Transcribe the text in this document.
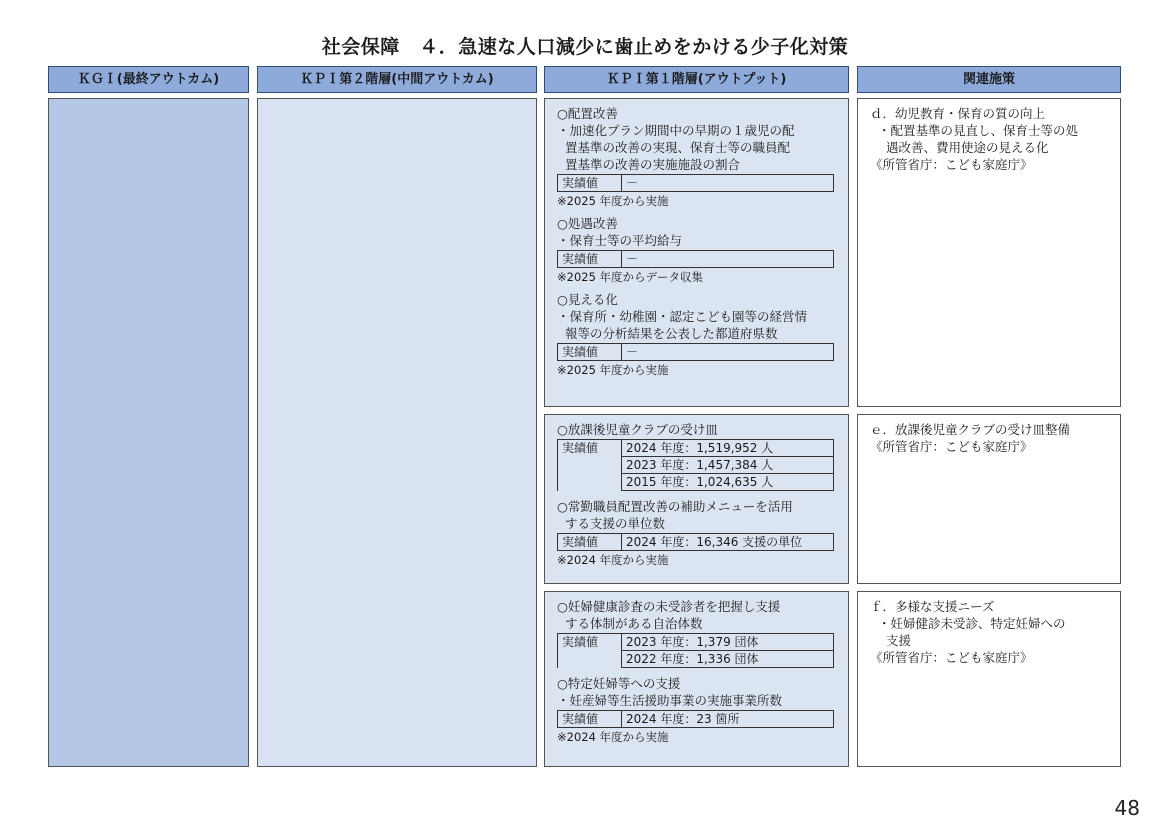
社会保障　４．急速な人口減少に歯止めをかける少子化対策
ＫＧＩ(最終アウトカム)	ＫＰＩ第２階層(中間アウトカム)	ＫＰＩ第１階層(アウトプット)	関連施策
○配置改善
・加速化プラン期間中の早期の１歳児の配
置基準の改善の実現、保育士等の職員配
置基準の改善の実施施設の割合
実績値	－
※2025 年度から実施
○処遇改善
・保育士等の平均給与
実績値	－
※2025 年度からデータ収集
○見える化
・保育所・幼稚園・認定こども園等の経営情
報等の分析結果を公表した都道府県数
実績値	－
※2025 年度から実施
ｄ．幼児教育・保育の質の向上
・配置基準の見直し、保育士等の処
遇改善、費用使途の見える化
《所管省庁：こども家庭庁》
○放課後児童クラブの受け皿
実績値	2024 年度：1,519,952 人
	2023 年度：1,457,384 人
	2015 年度：1,024,635 人
○常勤職員配置改善の補助メニューを活用
する支援の単位数
実績値	2024 年度：16,346 支援の単位
※2024 年度から実施
ｅ．放課後児童クラブの受け皿整備
《所管省庁：こども家庭庁》
○妊婦健康診査の未受診者を把握し支援
する体制がある自治体数
実績値	2023 年度：1,379 団体
	2022 年度：1,336 団体
○特定妊婦等への支援
・妊産婦等生活援助事業の実施事業所数
実績値	2024 年度：23 箇所
※2024 年度から実施
ｆ．多様な支援ニーズ
・妊婦健診未受診、特定妊婦への
支援
《所管省庁：こども家庭庁》
48
